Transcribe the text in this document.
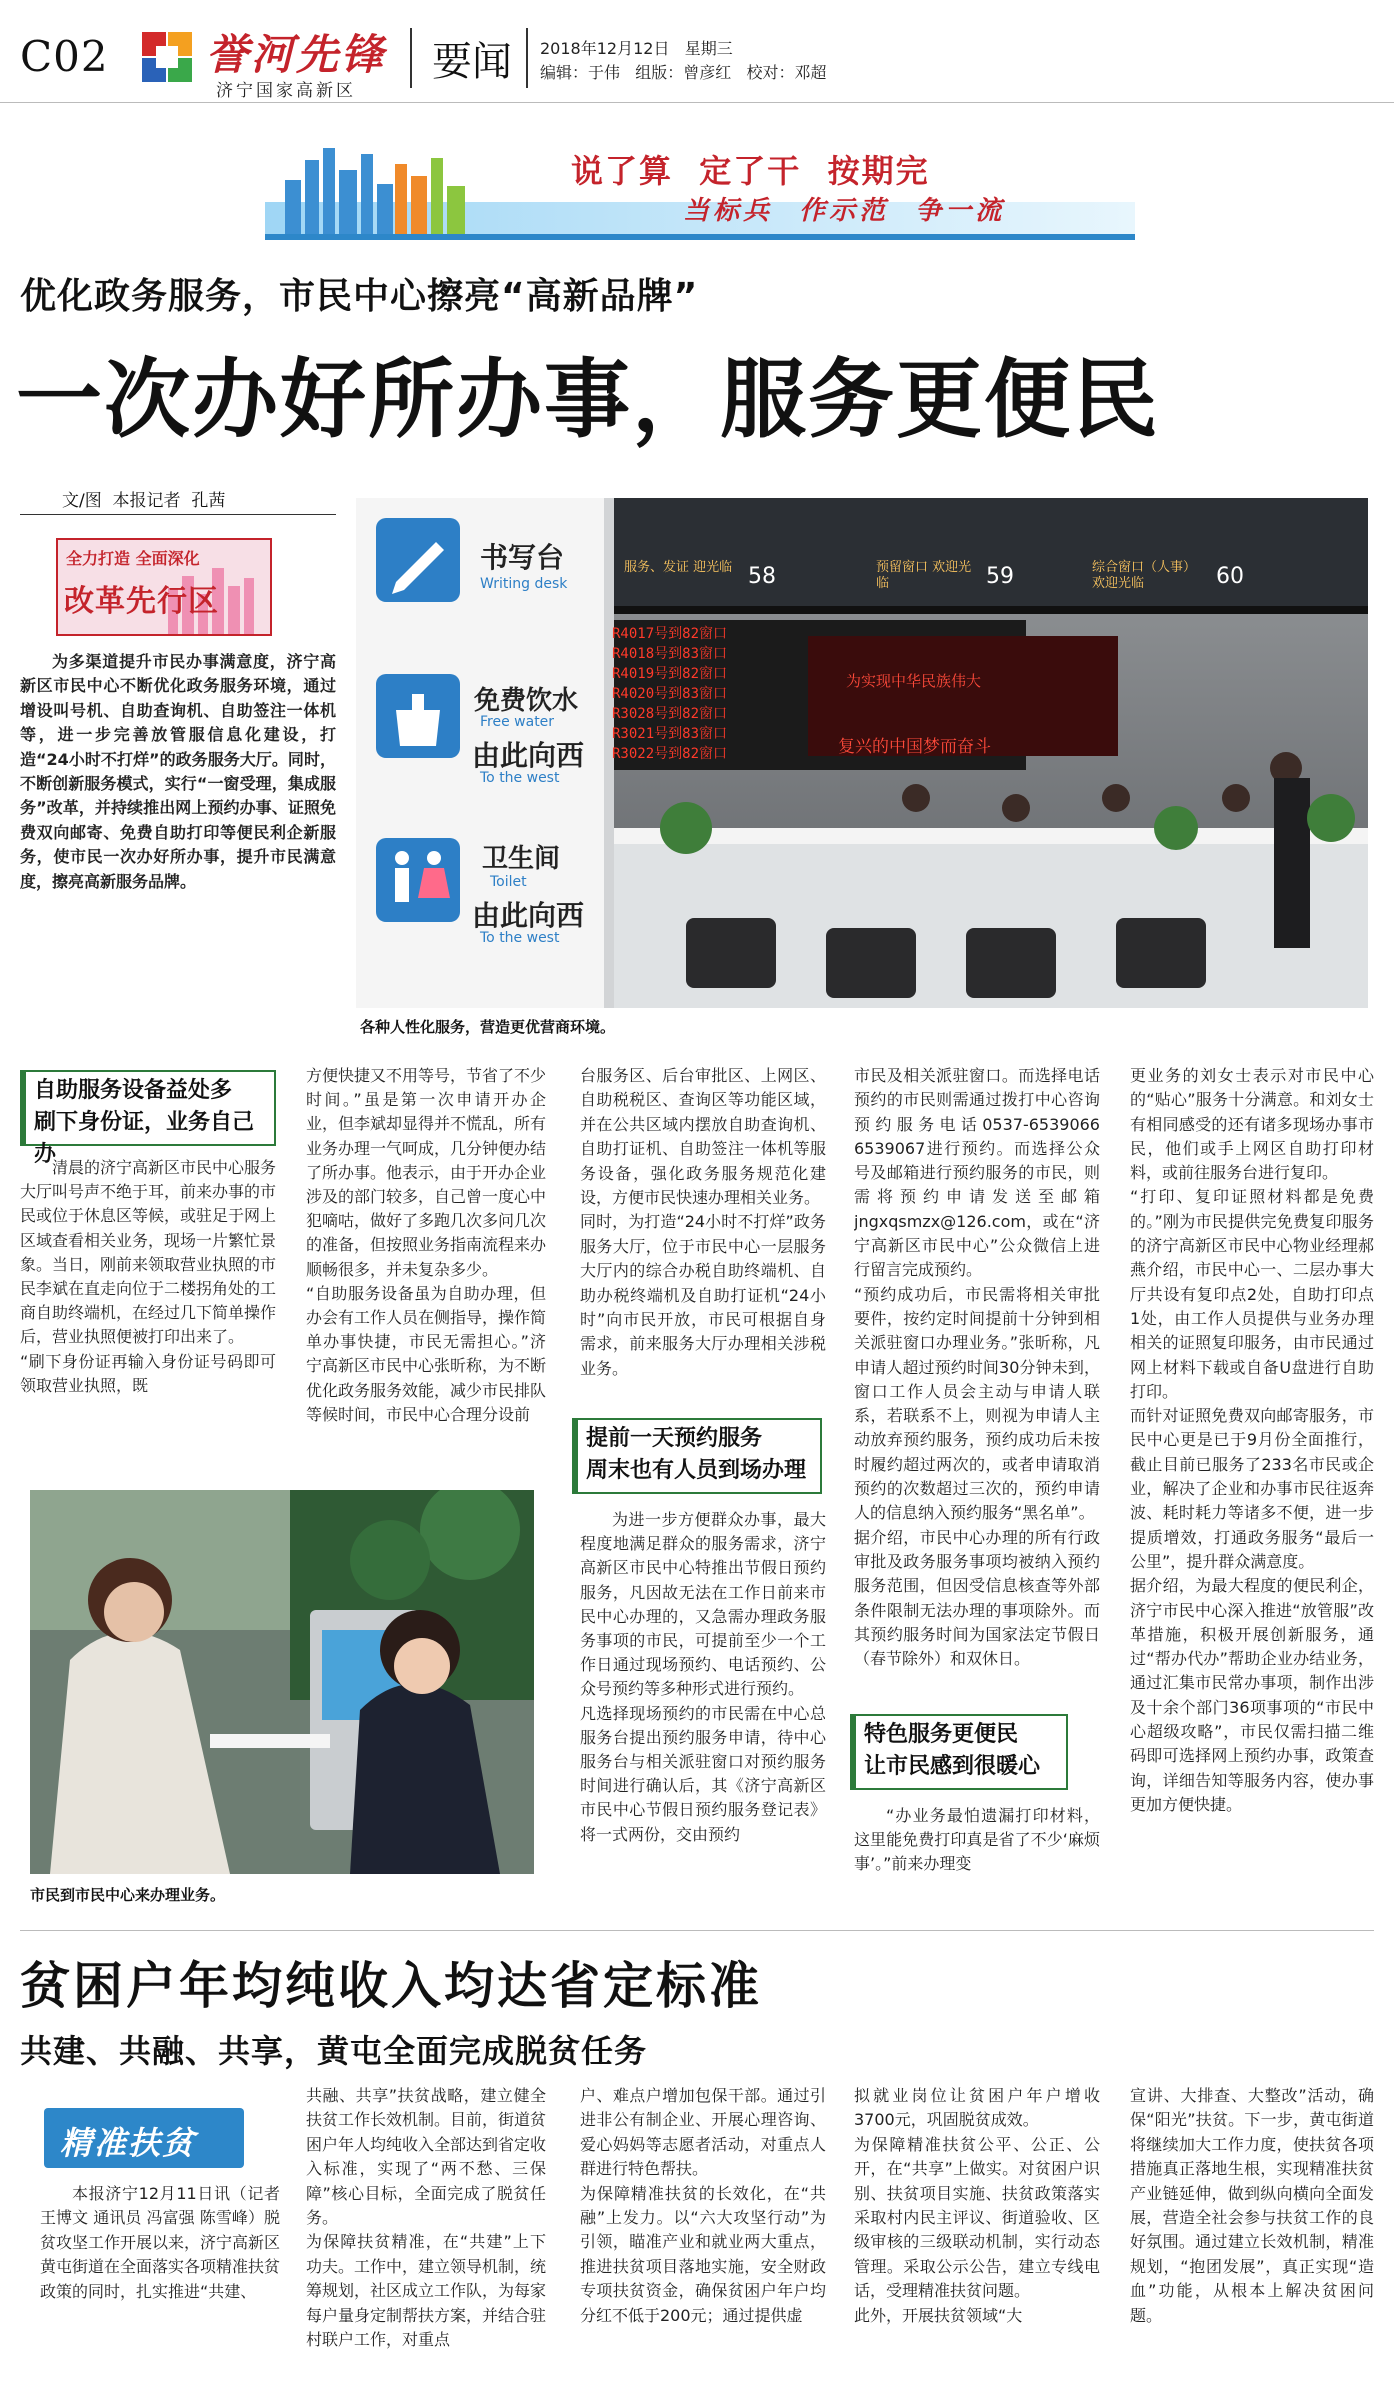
C02 誉河先锋
济宁国家高新区
要闻 2018年12月12日   星期三
编辑：于伟   组版：曾彦红   校对：邓超
说了算  定了干  按期完
当标兵  作示范  争一流
优化政务服务，市民中心擦亮“高新品牌”
一次办好所办事，服务更便民
文/图  本报记者  孔茜
全力打造 全面深化
改革先行区
为多渠道提升市民办事满意度，济宁高新区市民中心不断优化政务服务环境，通过增设叫号机、自助查询机、自助签注一体机等，进一步完善放管服信息化建设，打造“24小时不打烊”的政务服务大厅。同时，不断创新服务模式，实行“一窗受理，集成服务”改革，并持续推出网上预约办事、证照免费双向邮寄、免费自助打印等便民利企新服务，使市民一次办好所办事，提升市民满意度，擦亮高新服务品牌。
书写台
Writing desk
免费饮水
Free water
由此向西
To the west
卫生间
Toilet
由此向西
To the west
服务、发证 迎光临 58	预留窗口 欢迎光临	59	综合窗口（人事） 欢迎光临	60
R4017号到82窗口
R4018号到83窗口
R4019号到82窗口
R4020号到83窗口
R3028号到82窗口
R3021号到83窗口
R3022号到82窗口
为实现中华民族伟大
复兴的中国梦而奋斗
各种人性化服务，营造更优营商环境。
自助服务设备益处多
刷下身份证，业务自己办
清晨的济宁高新区市民中心服务大厅叫号声不绝于耳，前来办事的市民或位于休息区等候，或驻足于网上区域查看相关业务，现场一片繁忙景象。当日，刚前来领取营业执照的市民李斌在直走向位于二楼拐角处的工商自助终端机，在经过几下简单操作后，营业执照便被打印出来了。
“刷下身份证再输入身份证号码即可领取营业执照，既
方便快捷又不用等号，节省了不少时间。”虽是第一次申请开办企业，但李斌却显得并不慌乱，所有业务办理一气呵成，几分钟便办结了所办事。他表示，由于开办企业涉及的部门较多，自己曾一度心中犯嘀咕，做好了多跑几次多问几次的准备，但按照业务指南流程来办顺畅很多，并未复杂多少。
“自助服务设备虽为自助办理，但办会有工作人员在侧指导，操作简单办事快捷，市民无需担心。”济宁高新区市民中心张昕称，为不断优化政务服务效能，减少市民排队等候时间，市民中心合理分设前
市民到市民中心来办理业务。
台服务区、后台审批区、上网区、自助税税区、查询区等功能区域，并在公共区域内摆放自助查询机、自助打证机、自助签注一体机等服务设备，强化政务服务规范化建设，方便市民快速办理相关业务。
同时，为打造“24小时不打烊”政务服务大厅，位于市民中心一层服务大厅内的综合办税自助终端机、自助办税终端机及自助打证机“24小时”向市民开放，市民可根据自身需求，前来服务大厅办理相关涉税业务。
提前一天预约服务
周末也有人员到场办理
为进一步方便群众办事，最大程度地满足群众的服务需求，济宁高新区市民中心特推出节假日预约服务，凡因故无法在工作日前来市民中心办理的，又急需办理政务服务事项的市民，可提前至少一个工作日通过现场预约、电话预约、公众号预约等多种形式进行预约。
凡选择现场预约的市民需在中心总服务台提出预约服务申请，待中心服务台与相关派驻窗口对预约服务时间进行确认后，其《济宁高新区市民中心节假日预约服务登记表》将一式两份，交由预约
市民及相关派驻窗口。而选择电话预约的市民则需通过拨打中心咨询预约服务电话0537-6539066 6539067进行预约。而选择公众号及邮箱进行预约服务的市民，则需将预约申请发送至邮箱jngxqsmzx@126.com，或在“济宁高新区市民中心”公众微信上进行留言完成预约。
“预约成功后，市民需将相关审批要件，按约定时间提前十分钟到相关派驻窗口办理业务。”张昕称，凡申请人超过预约时间30分钟未到，窗口工作人员会主动与申请人联系，若联系不上，则视为申请人主动放弃预约服务，预约成功后未按时履约超过两次的，或者申请取消预约的次数超过三次的，预约申请人的信息纳入预约服务“黑名单”。
据介绍，市民中心办理的所有行政审批及政务服务事项均被纳入预约服务范围，但因受信息核查等外部条件限制无法办理的事项除外。而其预约服务时间为国家法定节假日（春节除外）和双休日。
特色服务更便民
让市民感到很暖心
“办业务最怕遗漏打印材料，这里能免费打印真是省了不少‘麻烦事’。”前来办理变
更业务的刘女士表示对市民中心的“贴心”服务十分满意。和刘女士有相同感受的还有诸多现场办事市民，他们或手上网区自助打印材料，或前往服务台进行复印。
“打印、复印证照材料都是免费的。”刚为市民提供完免费复印服务的济宁高新区市民中心物业经理郝燕介绍，市民中心一、二层办事大厅共设有复印点2处，自助打印点1处，由工作人员提供与业务办理相关的证照复印服务，由市民通过网上材料下载或自备U盘进行自助打印。
而针对证照免费双向邮寄服务，市民中心更是已于9月份全面推行，截止目前已服务了233名市民或企业，解决了企业和办事市民往返奔波、耗时耗力等诸多不便，进一步提质增效，打通政务服务“最后一公里”，提升群众满意度。
据介绍，为最大程度的便民利企，济宁市民中心深入推进“放管服”改革措施，积极开展创新服务，通过“帮办代办”帮助企业办结业务，通过汇集市民常办事项，制作出涉及十余个部门36项事项的“市民中心超级攻略”，市民仅需扫描二维码即可选择网上预约办事，政策查询，详细告知等服务内容，使办事更加方便快捷。
贫困户年均纯收入均达省定标准
共建、共融、共享，黄屯全面完成脱贫任务
精准扶贫
本报济宁12月11日讯（记者 王博文 通讯员 冯富强 陈雪峰）脱贫攻坚工作开展以来，济宁高新区黄屯街道在全面落实各项精准扶贫政策的同时，扎实推进“共建、
共融、共享”扶贫战略，建立健全扶贫工作长效机制。目前，街道贫困户年人均纯收入全部达到省定收入标准，实现了“两不愁、三保障”核心目标，全面完成了脱贫任务。
为保障扶贫精准，在“共建”上下功夫。工作中，建立领导机制，统筹规划，社区成立工作队，为每家每户量身定制帮扶方案，并结合驻村联户工作，对重点
户、难点户增加包保干部。通过引进非公有制企业、开展心理咨询、爱心妈妈等志愿者活动，对重点人群进行特色帮扶。
为保障精准扶贫的长效化，在“共融”上发力。以“六大攻坚行动”为引领，瞄准产业和就业两大重点，推进扶贫项目落地实施，安全财政专项扶贫资金，确保贫困户年户均分红不低于200元；通过提供虚
拟就业岗位让贫困户年户增收3700元，巩固脱贫成效。
为保障精准扶贫公平、公正、公开，在“共享”上做实。对贫困户识别、扶贫项目实施、扶贫政策落实采取村内民主评议、街道验收、区级审核的三级联动机制，实行动态管理。采取公示公告，建立专线电话，受理精准扶贫问题。
此外，开展扶贫领域“大
宣讲、大排查、大整改”活动，确保“阳光”扶贫。下一步，黄屯街道将继续加大工作力度，使扶贫各项措施真正落地生根，实现精准扶贫产业链延伸，做到纵向横向全面发展，营造全社会参与扶贫工作的良好氛围。通过建立长效机制，精准规划，“抱团发展”，真正实现“造血”功能，从根本上解决贫困问题。
